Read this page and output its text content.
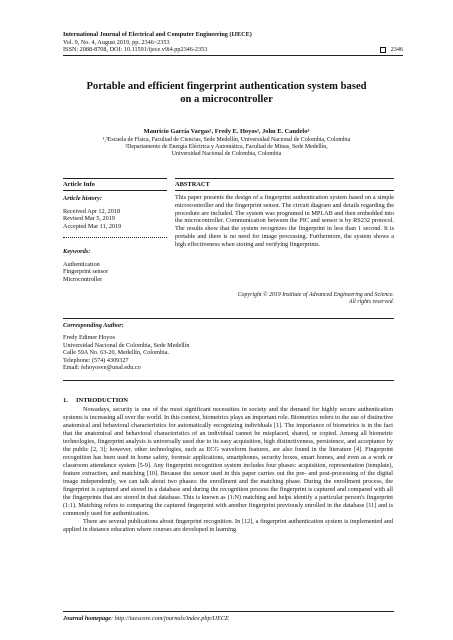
International Journal of Electrical and Computer Engineering (IJECE)
Vol. 9, No. 4, August 2019, pp. 2346~2353
ISSN: 2088-8708, DOI: 10.11591/ijece.v9i4.pp2346-2353	2346
Portable and efficient fingerprint authentication system based
on a microcontroller
Mauricio García Vargas¹, Fredy E. Hoyos², John E. Candelo³
¹,³Escuela de Física, Facultad de Ciencias, Sede Medellín, Universidad Nacional de Colombia, Colombia
²Departamento de Energía Eléctrica y Automática, Facultad de Minas, Sede Medellín,
Universidad Nacional de Colombia, Colombia
Article Info
Article history:
Received Apr 12, 2018
Revised Mar 5, 2019
Accepted Mar 11, 2019
Keywords:
Authentication
Fingerprint sensor
Microcontroller
ABSTRACT
This paper presents the design of a fingerprint authentication system based on a simple microcontroller and the fingerprint sensor. The circuit diagram and details regarding the procedure are included. The system was programed in MPLAB and then embedded into the microcontroller. Communication between the PIC and sensor is by RS232 protocol. The results show that the system recognizes the fingerprint in less than 1 second. It is portable and there is no need for image processing. Furthermore, the system shows a high effectiveness when storing and verifying fingerprints.
Copyright © 2019 Institute of Advanced Engineering and Science.
All rights reserved.
Corresponding Author:
Fredy Edimer Hoyos
Universidad Nacional de Colombia, Sede Medellín
Calle 59A No. 63-20, Medellín, Colombia.
Telephone: (574) 4309327
Email: fehoyosve@unal.edu.co
1. INTRODUCTION

Nowadays, security is one of the most significant necessities in society and the demand for highly secure authentication systems is increasing all over the world. In this context, biometrics plays an important role. Biometrics refers to the use of distinctive anatomical and behavioral characteristics for automatically recognizing individuals [1]. The importance of biometrics is in the fact that the anatomical and behavioral characteristics of an individual cannot be misplaced, shared, or copied. Among all biometric technologies, fingerprint analysis is universally used due to its easy acquisition, high distinctiveness, persistence, and acceptance by the public [2, 3]; however, other technologies, such as ECG waveform features, are also found in the literature [4]. Fingerprint recognition has been used in home safety, forensic applications, smartphones, security boxes, smart homes, and even as a work or classroom attendance system [5-9]. Any fingerprint recognition system includes four phases: acquisition, representation (template), feature extraction, and matching [10]. Because the sensor used in this paper carries out the pre- and post-processing of the digital image independently, we can talk about two phases: the enrollment and the matching phase. During the enrollment process, the fingerprint is captured and stored in a database and during the recognition process the fingerprint is captured and compared with all the fingerprints that are stored in that database. This is known as (1:N) matching and helps identify a particular person's fingerprint (1:1). Matching refers to comparing the captured fingerprint with another fingerprint previously enrolled in the database [11] and is commonly used for authentication.

There are several publications about fingerprint recognition. In [12], a fingerprint authentication system is implemented and applied in distance education where courses are developed in learning

Journal homepage: http://iaescore.com/journals/index.php/IJECE
